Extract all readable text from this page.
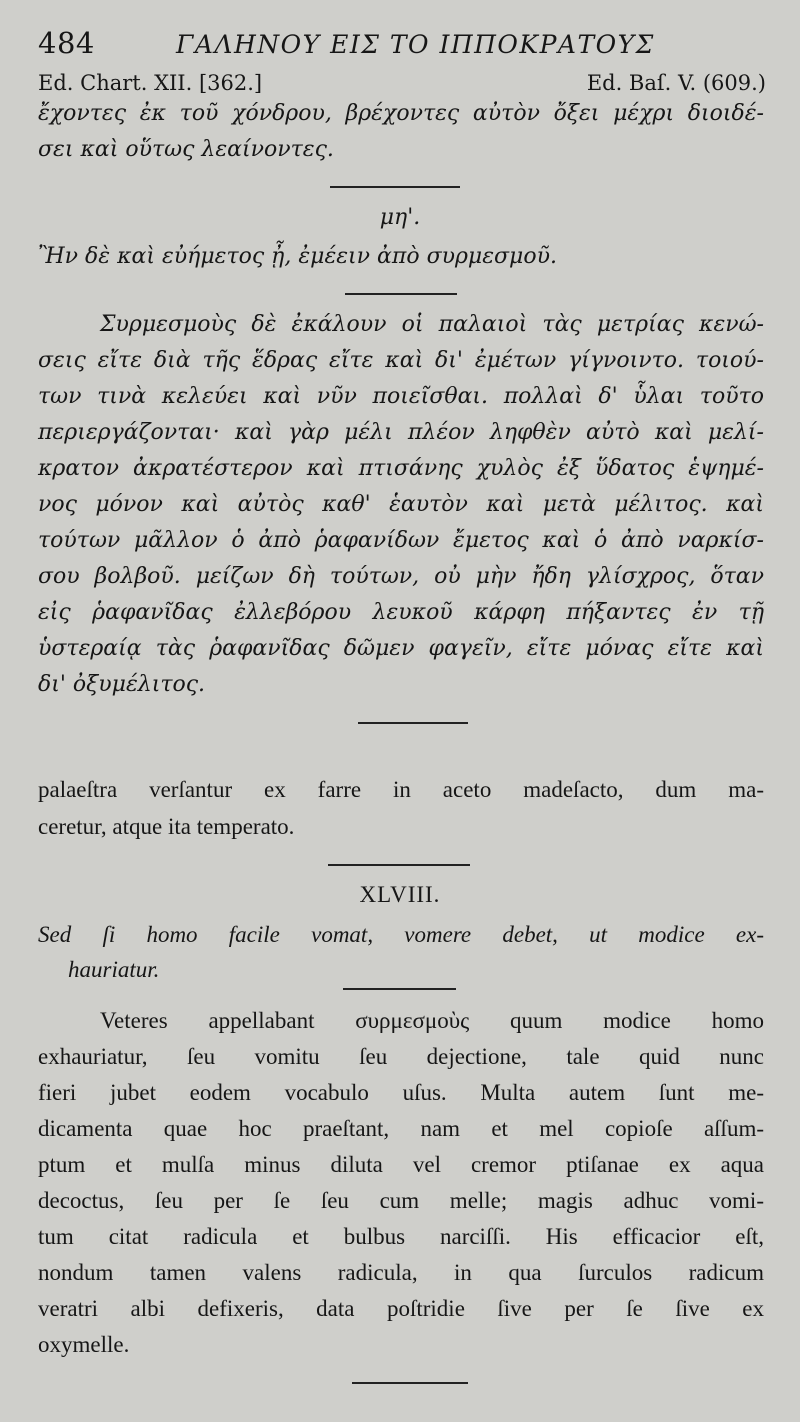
484	ΓΑΛΗΝΟΥ ΕΙΣ ΤΟ ΙΠΠΟΚΡΑΤΟΥΣ
Ed. Chart. XII. [362.]	Ed. Baſ. V. (609.)
ἔχοντες ἐκ τοῦ χόνδρου, βρέχοντες αὐτὸν ὄξει μέχρι διοιδέ-
σει καὶ οὕτως λεαίνοντες.
μη'.
Ἢν δὲ καὶ εὐήμετος ᾖ, ἐμέειν ἀπὸ συρμεσμοῦ.
Συρμεσμοὺς δὲ ἐκάλουν οἱ παλαιοὶ τὰς μετρίας κενώ-
σεις εἴτε διὰ τῆς ἕδρας εἴτε καὶ δι' ἐμέτων γίγνοιντο. τοιού-
των τινὰ κελεύει καὶ νῦν ποιεῖσθαι. πολλαὶ δ' ὗλαι τοῦτο
περιεργάζονται· καὶ γὰρ μέλι πλέον ληφθὲν αὐτὸ καὶ μελί-
κρατον ἀκρατέστερον καὶ πτισάνης χυλὸς ἐξ ὕδατος ἑψημέ-
νος μόνον καὶ αὐτὸς καθ' ἑαυτὸν καὶ μετὰ μέλιτος. καὶ
τούτων μᾶλλον ὁ ἀπὸ ῥαφανίδων ἔμετος καὶ ὁ ἀπὸ ναρκίσ-
σου βολβοῦ. μείζων δὴ τούτων, οὐ μὴν ἤδη γλίσχρος, ὅταν
εἰς ῥαφανῖδας ἐλλεβόρου λευκοῦ κάρφη πήξαντες ἐν τῇ
ὑστεραίᾳ τὰς ῥαφανῖδας δῶμεν φαγεῖν, εἴτε μόνας εἴτε καὶ
δι' ὀξυμέλιτος.
palaeſtra verſantur ex farre in aceto madeſacto, dum ma-
ceretur, atque ita temperato.
XLVIII.
Sed ſi homo facile vomat, vomere debet, ut modice ex-
hauriatur.
Veteres appellabant συρμεσμοὺς quum modice homo
exhauriatur, ſeu vomitu ſeu dejectione, tale quid nunc
fieri jubet eodem vocabulo uſus. Multa autem ſunt me-
dicamenta quae hoc praeſtant, nam et mel copioſe aſſum-
ptum et mulſa minus diluta vel cremor ptiſanae ex aqua
decoctus, ſeu per ſe ſeu cum melle; magis adhuc vomi-
tum citat radicula et bulbus narciſſi. His efficacior eſt,
nondum tamen valens radicula, in qua ſurculos radicum
veratri albi defixeris, data poſtridie ſive per ſe ſive ex
oxymelle.
